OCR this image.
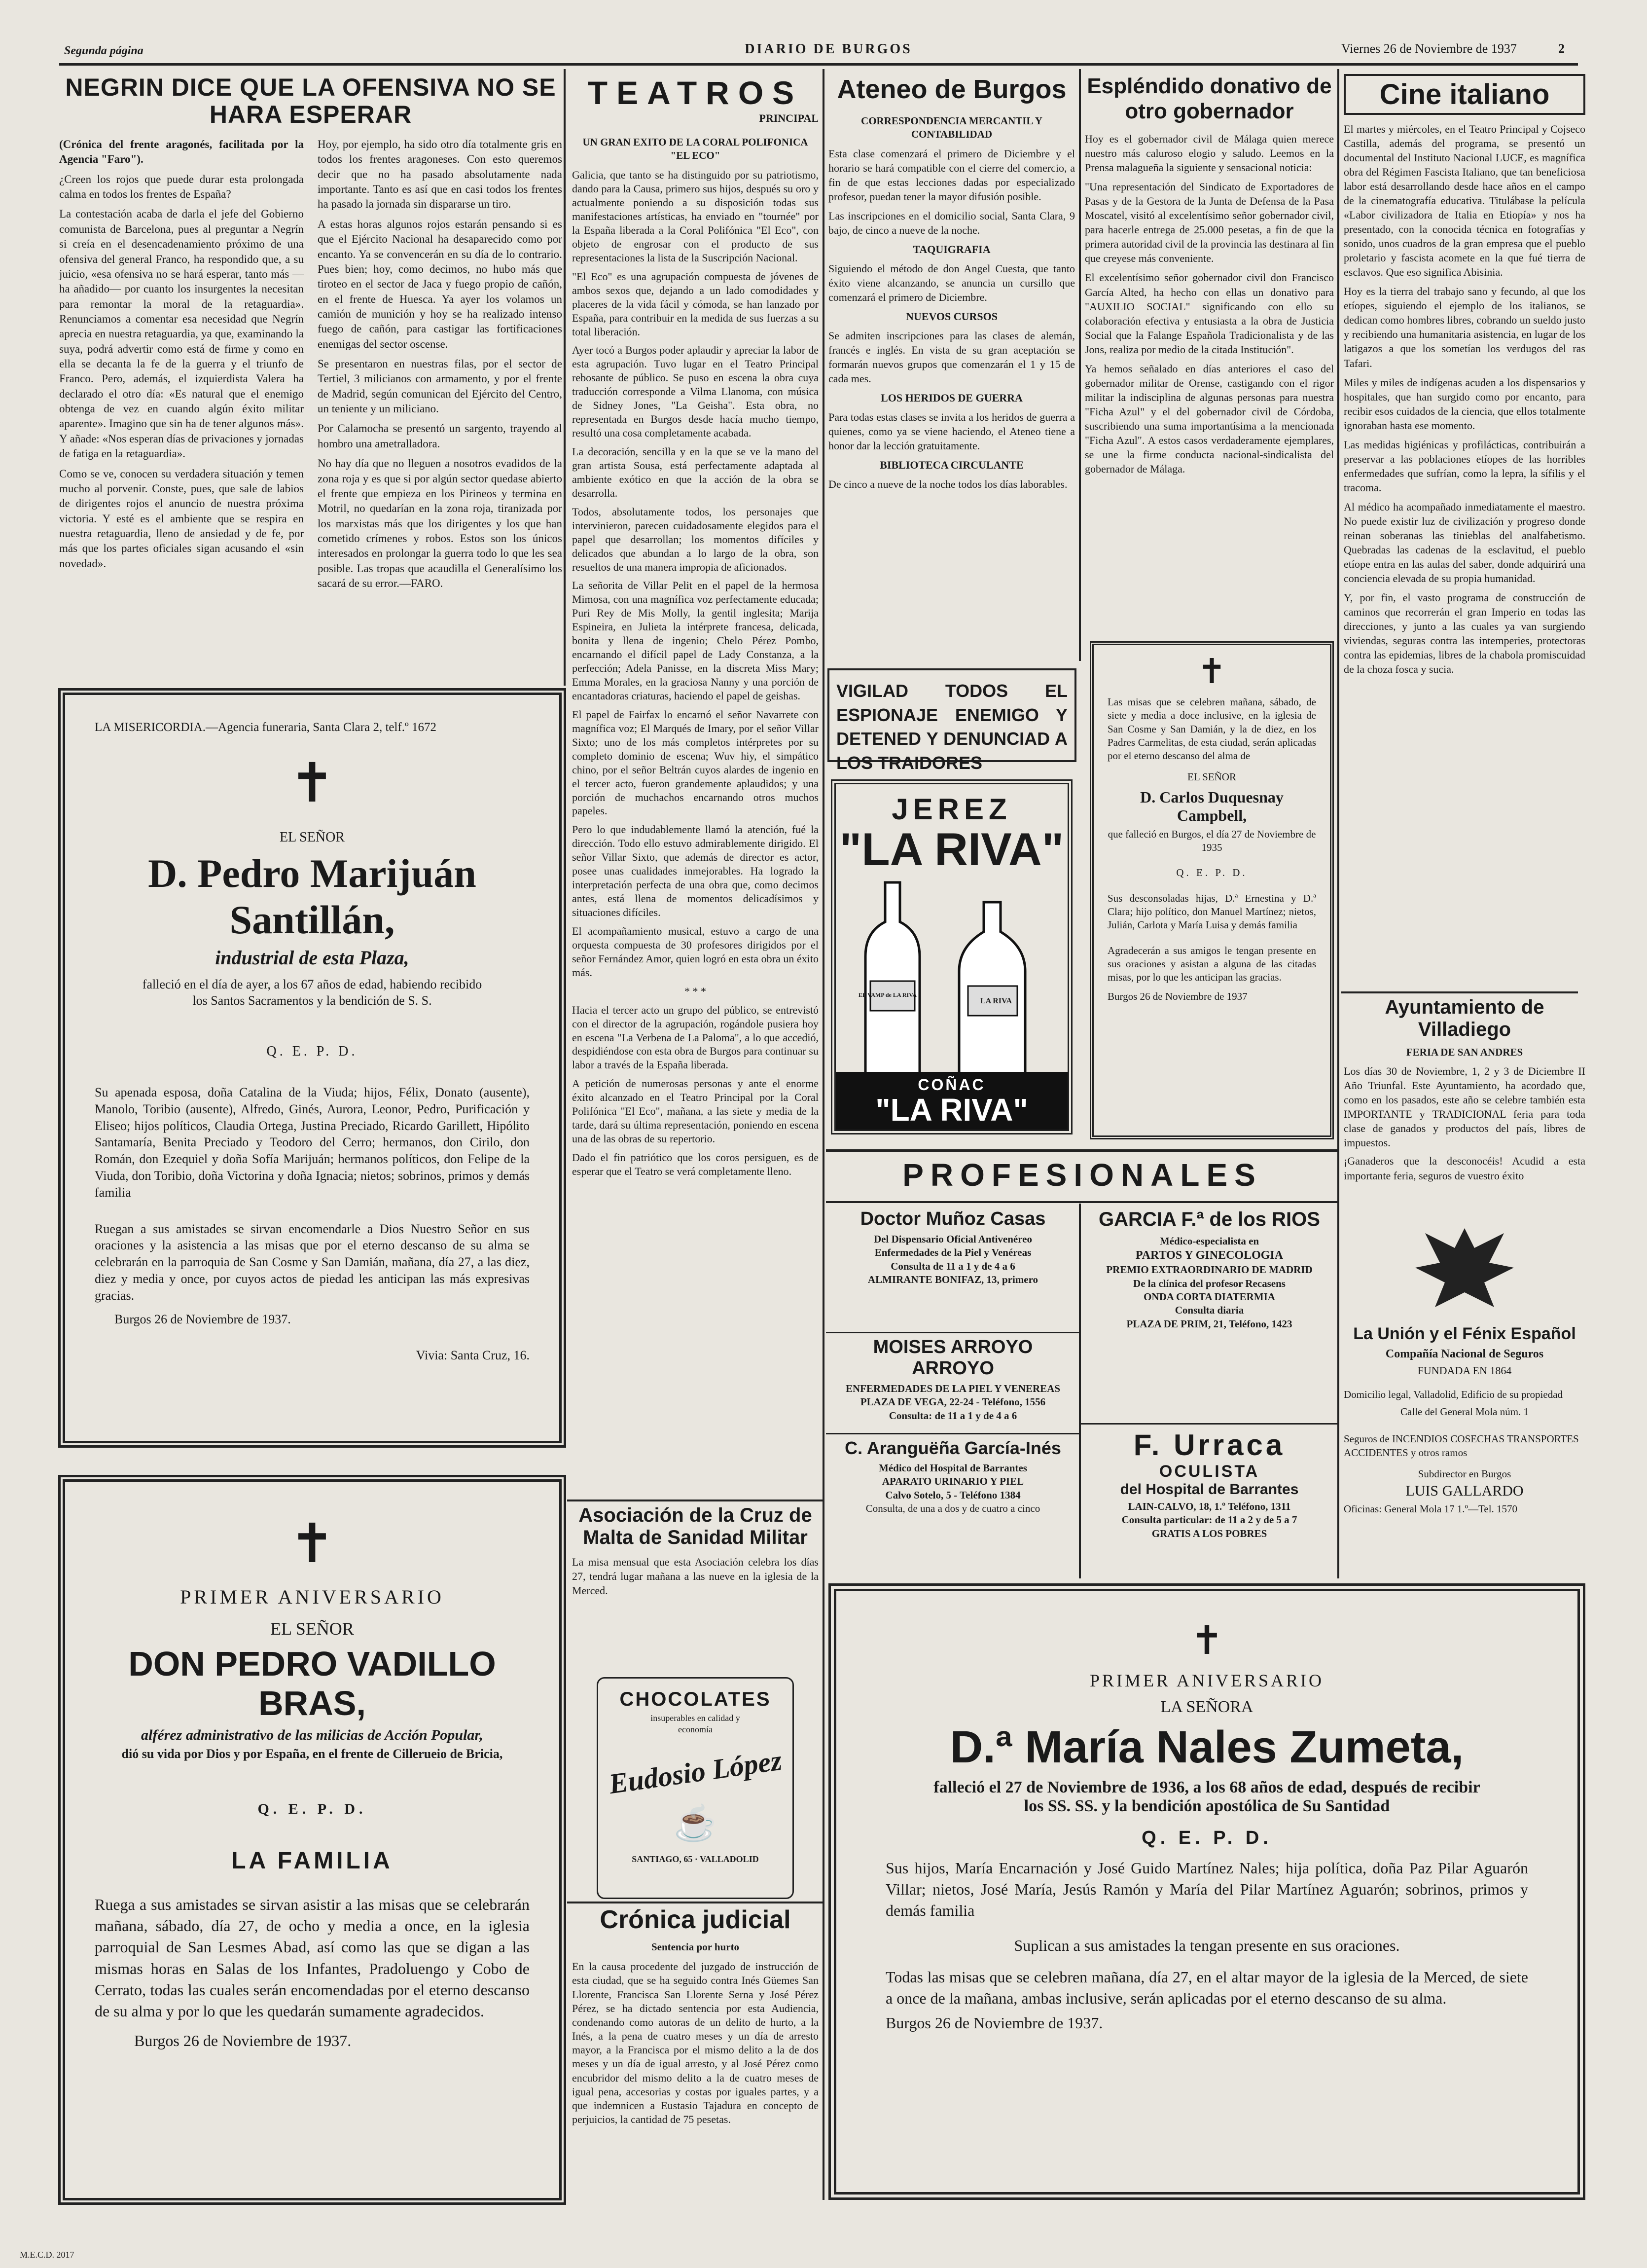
Segunda página	DIARIO DE BURGOS	Viernes 26 de Noviembre de 1937	2
NEGRIN DICE QUE LA OFENSIVA NO SE HARA ESPERAR

(Crónica del frente aragonés, facilitada por la Agencia "Faro").

¿Creen los rojos que puede durar esta prolongada calma en todos los frentes de España?

La contestación acaba de darla el jefe del Gobierno comunista de Barcelona, pues al preguntar a Negrín si creía en el desencadenamiento próximo de una ofensiva del general Franco, ha respondido que, a su juicio, «esa ofensiva no se hará esperar, tanto más —ha añadido— por cuanto los insurgentes la necesitan para remontar la moral de la retaguardia». Renunciamos a comentar esa necesidad que Negrín aprecia en nuestra retaguardia, ya que, examinando la suya, podrá advertir como está de firme y como en ella se decanta la fe de la guerra y el triunfo de Franco. Pero, además, el izquierdista Valera ha declarado el otro día: «Es natural que el enemigo obtenga de vez en cuando algún éxito militar aparente». Imagino que sin ha de tener algunos más». Y añade: «Nos esperan días de privaciones y jornadas de fatiga en la retaguardia».

Como se ve, conocen su verdadera situación y temen mucho al porvenir. Conste, pues, que sale de labios de dirigentes rojos el anuncio de nuestra próxima victoria. Y esté es el ambiente que se respira en nuestra retaguardia, lleno de ansiedad y de fe, por más que los partes oficiales sigan acusando el «sin novedad».

Hoy, por ejemplo, ha sido otro día totalmente gris en todos los frentes aragoneses. Con esto queremos decir que no ha pasado absolutamente nada importante. Tanto es así que en casi todos los frentes ha pasado la jornada sin dispararse un tiro.

A estas horas algunos rojos estarán pensando si es que el Ejército Nacional ha desaparecido como por encanto. Ya se convencerán en su día de lo contrario. Pues bien; hoy, como decimos, no hubo más que tiroteo en el sector de Jaca y fuego propio de cañón, en el frente de Huesca. Ya ayer los volamos un camión de munición y hoy se ha realizado intenso fuego de cañón, para castigar las fortificaciones enemigas del sector oscense.

Se presentaron en nuestras filas, por el sector de Tertiel, 3 milicianos con armamento, y por el frente de Madrid, según comunican del Ejército del Centro, un teniente y un miliciano.

Por Calamocha se presentó un sargento, trayendo al hombro una ametralladora.

No hay día que no lleguen a nosotros evadidos de la zona roja y es que si por algún sector quedase abierto el frente que empieza en los Pirineos y termina en Motril, no quedarían en la zona roja, tiranizada por los marxistas más que los dirigentes y los que han cometido crímenes y robos. Estos son los únicos interesados en prolongar la guerra todo lo que les sea posible. Las tropas que acaudilla el Generalísimo los sacará de su error.—FARO.

LA MISERICORDIA.—Agencia funeraria, Santa Clara 2, telf.º 1672
✝
EL SEÑOR
D. Pedro Marijuán Santillán,
industrial de esta Plaza,
falleció en el día de ayer, a los 67 años de edad, habiendo recibido los Santos Sacramentos y la bendición de S. S.
Q. E. P. D.
Su apenada esposa, doña Catalina de la Viuda; hijos, Félix, Donato (ausente), Manolo, Toribio (ausente), Alfredo, Ginés, Aurora, Leonor, Pedro, Purificación y Eliseo; hijos políticos, Claudia Ortega, Justina Preciado, Ricardo Garillett, Hipólito Santamaría, Benita Preciado y Teodoro del Cerro; hermanos, don Cirilo, don Román, don Ezequiel y doña Sofía Marijuán; hermanos políticos, don Felipe de la Viuda, don Toribio, doña Victorina y doña Ignacia; nietos; sobrinos, primos y demás familia
Ruegan a sus amistades se sirvan encomendarle a Dios Nuestro Señor en sus oraciones y la asistencia a las misas que por el eterno descanso de su alma se celebrarán en la parroquia de San Cosme y San Damián, mañana, día 27, a las diez, diez y media y once, por cuyos actos de piedad les anticipan las más expresivas gracias.
Burgos 26 de Noviembre de 1937.
Vivia: Santa Cruz, 16.
✝
PRIMER ANIVERSARIO
EL SEÑOR
DON PEDRO VADILLO BRAS,
alférez administrativo de las milicias de Acción Popular,
dió su vida por Dios y por España, en el frente de Cillerueio de Bricia,
Q. E. P. D.
LA FAMILIA
Ruega a sus amistades se sirvan asistir a las misas que se celebrarán mañana, sábado, día 27, de ocho y media a once, en la iglesia parroquial de San Lesmes Abad, así como las que se digan a las mismas horas en Salas de los Infantes, Pradoluengo y Cobo de Cerrato, todas las cuales serán encomendadas por el eterno descanso de su alma y por lo que les quedarán sumamente agradecidos.
Burgos 26 de Noviembre de 1937.
TEATROS
PRINCIPAL
UN GRAN EXITO DE LA CORAL POLIFONICA "EL ECO"

Galicia, que tanto se ha distinguido por su patriotismo, dando para la Causa, primero sus hijos, después su oro y actualmente poniendo a su disposición todas sus manifestaciones artísticas, ha enviado en "tournée" por la España liberada a la Coral Polifónica "El Eco", con objeto de engrosar con el producto de sus representaciones la lista de la Suscripción Nacional.

"El Eco" es una agrupación compuesta de jóvenes de ambos sexos que, dejando a un lado comodidades y placeres de la vida fácil y cómoda, se han lanzado por España, para contribuir en la medida de sus fuerzas a su total liberación.

Ayer tocó a Burgos poder aplaudir y apreciar la labor de esta agrupación. Tuvo lugar en el Teatro Principal rebosante de público. Se puso en escena la obra cuya traducción corresponde a Vilma Llanoma, con música de Sidney Jones, "La Geisha". Esta obra, no representada en Burgos desde hacía mucho tiempo, resultó una cosa completamente acabada.

La decoración, sencilla y en la que se ve la mano del gran artista Sousa, está perfectamente adaptada al ambiente exótico en que la acción de la obra se desarrolla.

Todos, absolutamente todos, los personajes que intervinieron, parecen cuidadosamente elegidos para el papel que desarrollan; los momentos difíciles y delicados que abundan a lo largo de la obra, son resueltos de una manera impropia de aficionados.

La señorita de Villar Pelit en el papel de la hermosa Mimosa, con una magnífica voz perfectamente educada; Puri Rey de Mis Molly, la gentil inglesita; Marija Espineira, en Julieta la intérprete francesa, delicada, bonita y llena de ingenio; Chelo Pérez Pombo, encarnando el difícil papel de Lady Constanza, a la perfección; Adela Panisse, en la discreta Miss Mary; Emma Morales, en la graciosa Nanny y una porción de encantadoras criaturas, haciendo el papel de geishas.

El papel de Fairfax lo encarnó el señor Navarrete con magnífica voz; El Marqués de Imary, por el señor Villar Sixto; uno de los más completos intérpretes por su completo dominio de escena; Wuv hiy, el simpático chino, por el señor Beltrán cuyos alardes de ingenio en el tercer acto, fueron grandemente aplaudidos; y una porción de muchachos encarnando otros muchos papeles.

Pero lo que indudablemente llamó la atención, fué la dirección. Todo ello estuvo admirablemente dirigido. El señor Villar Sixto, que además de director es actor, posee unas cualidades inmejorables. Ha logrado la interpretación perfecta de una obra que, como decimos antes, está llena de momentos delicadísimos y situaciones difíciles.

El acompañamiento musical, estuvo a cargo de una orquesta compuesta de 30 profesores dirigidos por el señor Fernández Amor, quien logró en esta obra un éxito más.

* * *

Hacia el tercer acto un grupo del público, se entrevistó con el director de la agrupación, rogándole pusiera hoy en escena "La Verbena de La Paloma", a lo que accedió, despidiéndose con esta obra de Burgos para continuar su labor a través de la España liberada.

A petición de numerosas personas y ante el enorme éxito alcanzado en el Teatro Principal por la Coral Polifónica "El Eco", mañana, a las siete y media de la tarde, dará su última representación, poniendo en escena una de las obras de su repertorio.

Dado el fin patriótico que los coros persiguen, es de esperar que el Teatro se verá completamente lleno.

Asociación de la Cruz de Malta de Sanidad Militar
La misa mensual que esta Asociación celebra los días 27, tendrá lugar mañana a las nueve en la iglesia de la Merced.
CHOCOLATES
insuperables en calidad y economía
Eudosio López
☕
SANTIAGO, 65 · VALLADOLID
Crónica judicial
Sentencia por hurto
En la causa procedente del juzgado de instrucción de esta ciudad, que se ha seguido contra Inés Güemes San Llorente, Francisca San Llorente Serna y José Pérez Pérez, se ha dictado sentencia por esta Audiencia, condenando como autoras de un delito de hurto, a la Inés, a la pena de cuatro meses y un día de arresto mayor, a la Francisca por el mismo delito a la de dos meses y un día de igual arresto, y al José Pérez como encubridor del mismo delito a la de cuatro meses de igual pena, accesorias y costas por iguales partes, y a que indemnicen a Eustasio Tajadura en concepto de perjuicios, la cantidad de 75 pesetas.
Ateneo de Burgos
CORRESPONDENCIA MERCANTIL Y CONTABILIDAD

Esta clase comenzará el primero de Diciembre y el horario se hará compatible con el cierre del comercio, a fin de que estas lecciones dadas por especializado profesor, puedan tener la mayor difusión posible.

Las inscripciones en el domicilio social, Santa Clara, 9 bajo, de cinco a nueve de la noche.

TAQUIGRAFIA

Siguiendo el método de don Angel Cuesta, que tanto éxito viene alcanzando, se anuncia un cursillo que comenzará el primero de Diciembre.

NUEVOS CURSOS

Se admiten inscripciones para las clases de alemán, francés e inglés. En vista de su gran aceptación se formarán nuevos grupos que comenzarán el 1 y 15 de cada mes.

LOS HERIDOS DE GUERRA

Para todas estas clases se invita a los heridos de guerra a quienes, como ya se viene haciendo, el Ateneo tiene a honor dar la lección gratuitamente.

BIBLIOTECA CIRCULANTE

De cinco a nueve de la noche todos los días laborables.

Espléndido donativo de otro gobernador

Hoy es el gobernador civil de Málaga quien merece nuestro más caluroso elogio y saludo. Leemos en la Prensa malagueña la siguiente y sensacional noticia:

"Una representación del Sindicato de Exportadores de Pasas y de la Gestora de la Junta de Defensa de la Pasa Moscatel, visitó al excelentísimo señor gobernador civil, para hacerle entrega de 25.000 pesetas, a fin de que la primera autoridad civil de la provincia las destinara al fin que creyese más conveniente.

El excelentísimo señor gobernador civil don Francisco García Alted, ha hecho con ellas un donativo para "AUXILIO SOCIAL" significando con ello su colaboración efectiva y entusiasta a la obra de Justicia Social que la Falange Española Tradicionalista y de las Jons, realiza por medio de la citada Institución".

Ya hemos señalado en días anteriores el caso del gobernador militar de Orense, castigando con el rigor militar la indisciplina de algunas personas para nuestra "Ficha Azul" y el del gobernador civil de Córdoba, suscribiendo una suma importantísima a la mencionada "Ficha Azul". A estos casos verdaderamente ejemplares, se une la firme conducta nacional-sindicalista del gobernador de Málaga.

VIGILAD TODOS EL ESPIONAJE ENEMIGO Y DETENED Y DENUNCIAD A LOS TRAIDORES
JEREZ
"LA RIVA"
EL VAMP de LA RIVA
LA RIVA
COÑAC
"LA RIVA"
✝
Las misas que se celebren mañana, sábado, de siete y media a doce inclusive, en la iglesia de San Cosme y San Damián, y la de diez, en los Padres Carmelitas, de esta ciudad, serán aplicadas por el eterno descanso del alma de
EL SEÑOR
D. Carlos Duquesnay Campbell,
que falleció en Burgos, el día 27 de Noviembre de 1935
Q. E. P. D.
Sus desconsoladas hijas, D.ª Ernestina y D.ª Clara; hijo político, don Manuel Martínez; nietos, Julián, Carlota y María Luisa y demás familia
Agradecerán a sus amigos le tengan presente en sus oraciones y asistan a alguna de las citadas misas, por lo que les anticipan las gracias.
Burgos 26 de Noviembre de 1937
Cine italiano

El martes y miércoles, en el Teatro Principal y Cojseco Castilla, además del programa, se presentó un documental del Instituto Nacional LUCE, es magnífica obra del Régimen Fascista Italiano, que tan beneficiosa labor está desarrollando desde hace años en el campo de la cinematografía educativa. Titulábase la película «Labor civilizadora de Italia en Etiopía» y nos ha presentado, con la conocida técnica en fotografías y sonido, unos cuadros de la gran empresa que el pueblo proletario y fascista acomete en la que fué tierra de esclavos. Que eso significa Abisinia.

Hoy es la tierra del trabajo sano y fecundo, al que los etíopes, siguiendo el ejemplo de los italianos, se dedican como hombres libres, cobrando un sueldo justo y recibiendo una humanitaria asistencia, en lugar de los latigazos a que los sometían los verdugos del ras Tafari.

Miles y miles de indígenas acuden a los dispensarios y hospitales, que han surgido como por encanto, para recibir esos cuidados de la ciencia, que ellos totalmente ignoraban hasta ese momento.

Las medidas higiénicas y profilácticas, contribuirán a preservar a las poblaciones etíopes de las horribles enfermedades que sufrían, como la lepra, la sífilis y el tracoma.

Al médico ha acompañado inmediatamente el maestro. No puede existir luz de civilización y progreso donde reinan soberanas las tinieblas del analfabetismo. Quebradas las cadenas de la esclavitud, el pueblo etíope entra en las aulas del saber, donde adquirirá una conciencia elevada de su propia humanidad.

Y, por fin, el vasto programa de construcción de caminos que recorrerán el gran Imperio en todas las direcciones, y junto a las cuales ya van surgiendo viviendas, seguras contra las intemperies, protectoras contra las epidemias, libres de la chabola promiscuidad de la choza fosca y sucia.

Ayuntamiento de Villadiego
FERIA DE SAN ANDRES
Los días 30 de Noviembre, 1, 2 y 3 de Diciembre II Año Triunfal. Este Ayuntamiento, ha acordado que, como en los pasados, este año se celebre también esta IMPORTANTE y TRADICIONAL feria para toda clase de ganados y productos del país, libres de impuestos.
¡Ganaderos que la desconocéis! Acudid a esta importante feria, seguros de vuestro éxito
La Unión y el Fénix Español
Compañía Nacional de Seguros
FUNDADA EN 1864
Domicilio legal, Valladolid, Edificio de su propiedad
Calle del General Mola núm. 1
Seguros de INCENDIOS COSECHAS TRANSPORTES ACCIDENTES y otros ramos
Subdirector en Burgos
LUIS GALLARDO
Oficinas: General Mola 17 1.º—Tel. 1570
PROFESIONALES
Doctor Muñoz Casas
Del Dispensario Oficial Antivenéreo
Enfermedades de la Piel y Venéreas
Consulta de 11 a 1 y de 4 a 6
ALMIRANTE BONIFAZ, 13, primero
MOISES ARROYO ARROYO
ENFERMEDADES DE LA PIEL Y VENEREAS
PLAZA DE VEGA, 22-24 - Teléfono, 1556
Consulta: de 11 a 1 y de 4 a 6
C. Aranguëña García-Inés
Médico del Hospital de Barrantes
APARATO URINARIO Y PIEL
Calvo Sotelo, 5 - Teléfono 1384
Consulta, de una a dos y de cuatro a cinco
GARCIA F.ª de los RIOS
Médico-especialista en
PARTOS Y GINECOLOGIA
PREMIO EXTRAORDINARIO DE MADRID
De la clínica del profesor Recasens
ONDA CORTA DIATERMIA
Consulta diaria
PLAZA DE PRIM, 21, Teléfono, 1423
F. Urraca
OCULISTA
del Hospital de Barrantes
LAIN-CALVO, 18, 1.º Teléfono, 1311
Consulta particular: de 11 a 2 y de 5 a 7
GRATIS A LOS POBRES
✝
PRIMER ANIVERSARIO
LA SEÑORA
D.ª María Nales Zumeta,
falleció el 27 de Noviembre de 1936, a los 68 años de edad, después de recibir los SS. SS. y la bendición apostólica de Su Santidad
Q. E. P. D.
Sus hijos, María Encarnación y José Guido Martínez Nales; hija política, doña Paz Pilar Aguarón Villar; nietos, José María, Jesús Ramón y María del Pilar Martínez Aguarón; sobrinos, primos y demás familia
Suplican a sus amistades la tengan presente en sus oraciones.
Todas las misas que se celebren mañana, día 27, en el altar mayor de la iglesia de la Merced, de siete a once de la mañana, ambas inclusive, serán aplicadas por el eterno descanso de su alma.
Burgos 26 de Noviembre de 1937.
M.E.C.D. 2017
